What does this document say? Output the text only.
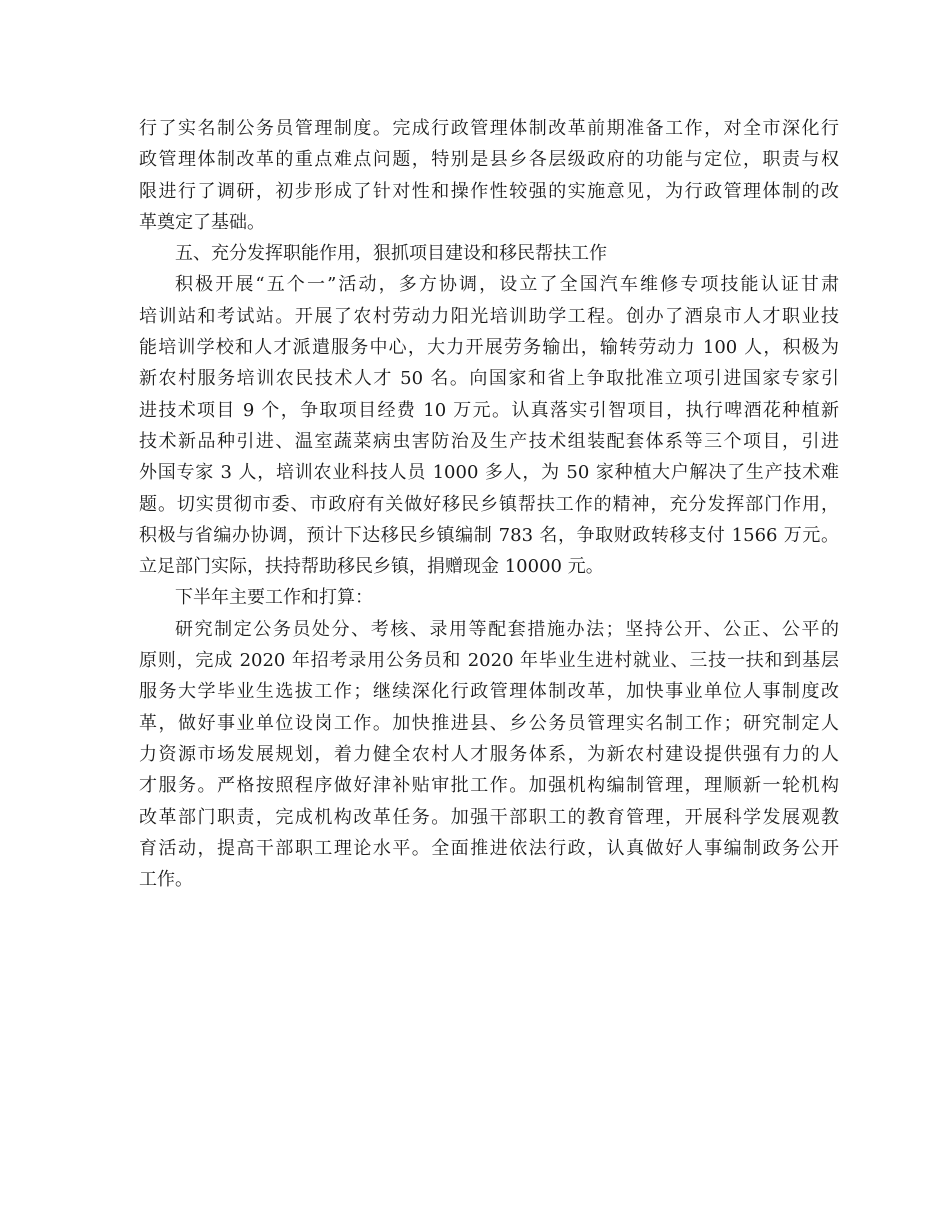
行了实名制公务员管理制度。完成行政管理体制改革前期准备工作，对全市深化行
政管理体制改革的重点难点问题，特别是县乡各层级政府的功能与定位，职责与权
限进行了调研，初步形成了针对性和操作性较强的实施意见，为行政管理体制的改
革奠定了基础。
五、充分发挥职能作用，狠抓项目建设和移民帮扶工作
积极开展“五个一”活动，多方协调，设立了全国汽车维修专项技能认证甘肃
培训站和考试站。开展了农村劳动力阳光培训助学工程。创办了酒泉市人才职业技
能培训学校和人才派遣服务中心，大力开展劳务输出，输转劳动力 100 人，积极为
新农村服务培训农民技术人才 50 名。向国家和省上争取批准立项引进国家专家引
进技术项目 9 个，争取项目经费 10 万元。认真落实引智项目，执行啤酒花种植新
技术新品种引进、温室蔬菜病虫害防治及生产技术组装配套体系等三个项目，引进
外国专家 3 人，培训农业科技人员 1000 多人，为 50 家种植大户解决了生产技术难
题。切实贯彻市委、市政府有关做好移民乡镇帮扶工作的精神，充分发挥部门作用，
积极与省编办协调，预计下达移民乡镇编制 783 名，争取财政转移支付 1566 万元。
立足部门实际，扶持帮助移民乡镇，捐赠现金 10000 元。
下半年主要工作和打算：
研究制定公务员处分、考核、录用等配套措施办法；坚持公开、公正、公平的
原则，完成 2020 年招考录用公务员和 2020 年毕业生进村就业、三技一扶和到基层
服务大学毕业生选拔工作；继续深化行政管理体制改革，加快事业单位人事制度改
革，做好事业单位设岗工作。加快推进县、乡公务员管理实名制工作；研究制定人
力资源市场发展规划，着力健全农村人才服务体系，为新农村建设提供强有力的人
才服务。严格按照程序做好津补贴审批工作。加强机构编制管理，理顺新一轮机构
改革部门职责，完成机构改革任务。加强干部职工的教育管理，开展科学发展观教
育活动，提高干部职工理论水平。全面推进依法行政，认真做好人事编制政务公开
工作。
